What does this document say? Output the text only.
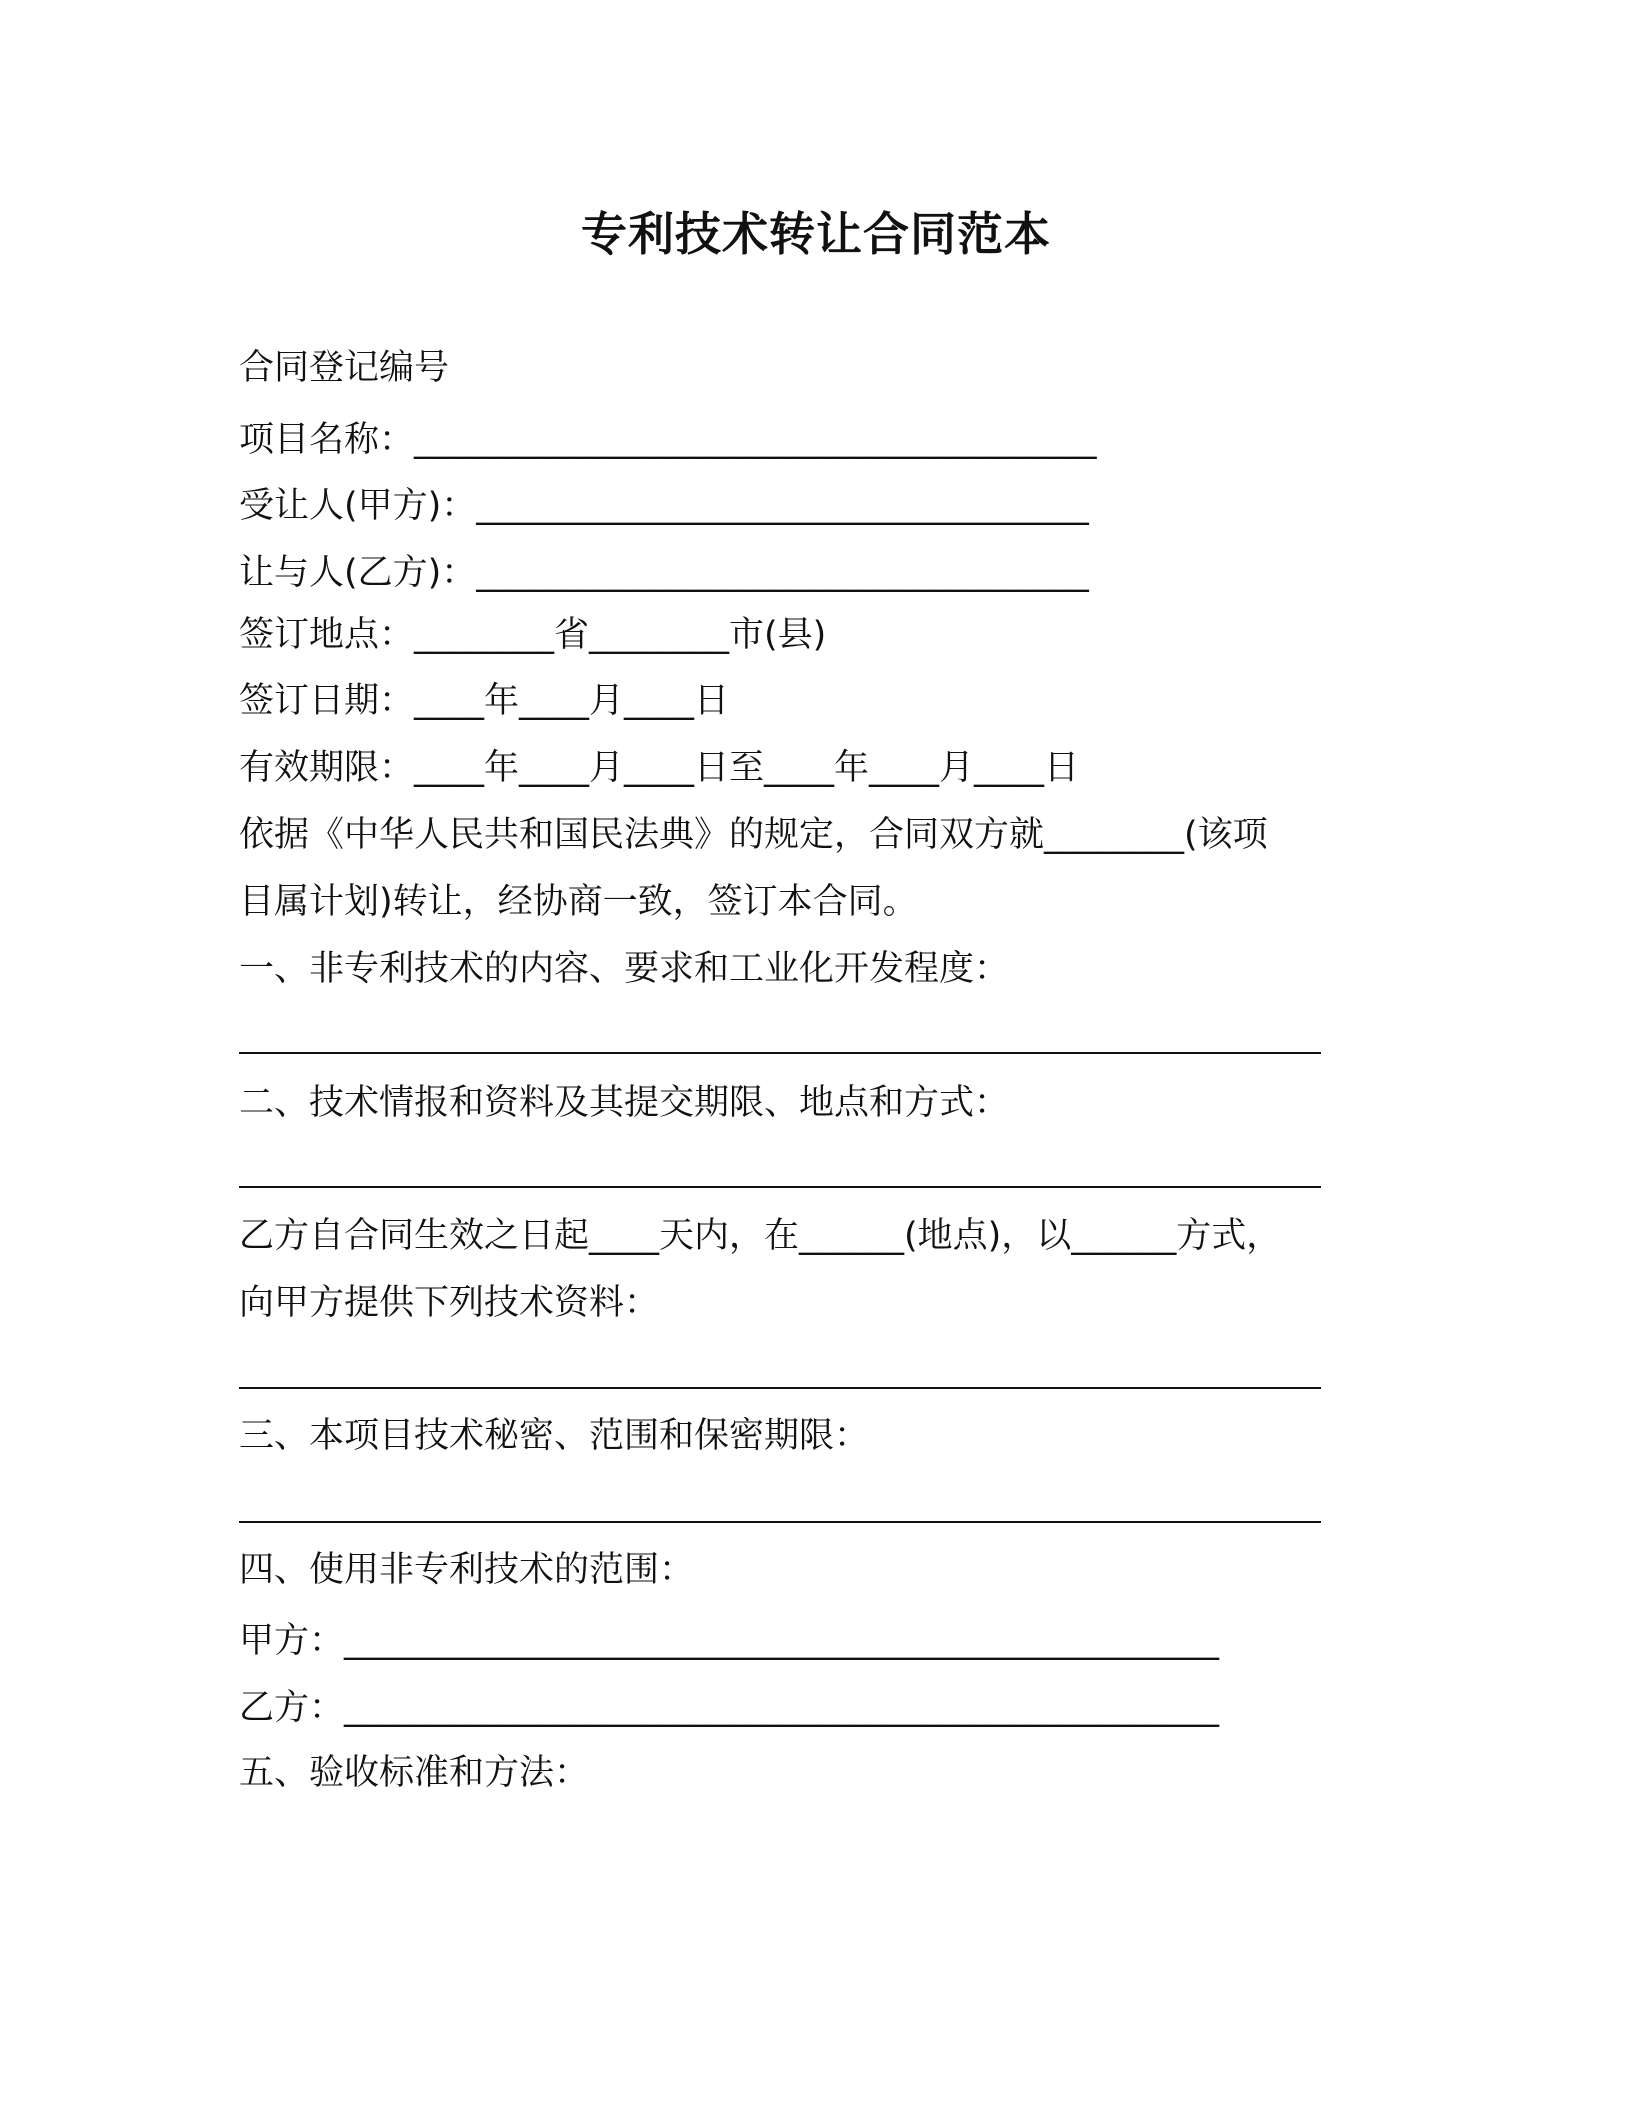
专利技术转让合同范本
合同登记编号
项目名称：_______________________________________
受让人(甲方)：___________________________________
让与人(乙方)：___________________________________
签订地点：________省________市(县)
签订日期：____年____月____日
有效期限：____年____月____日至____年____月____日
依据《中华人民共和国民法典》的规定，合同双方就________(该项
目属计划)转让，经协商一致，签订本合同。
一、非专利技术的内容、要求和工业化开发程度：
二、技术情报和资料及其提交期限、地点和方式：
乙方自合同生效之日起____天内，在______(地点)，以______方式，
向甲方提供下列技术资料：
三、本项目技术秘密、范围和保密期限：
四、使用非专利技术的范围：
甲方：__________________________________________________
乙方：__________________________________________________
五、验收标准和方法：
